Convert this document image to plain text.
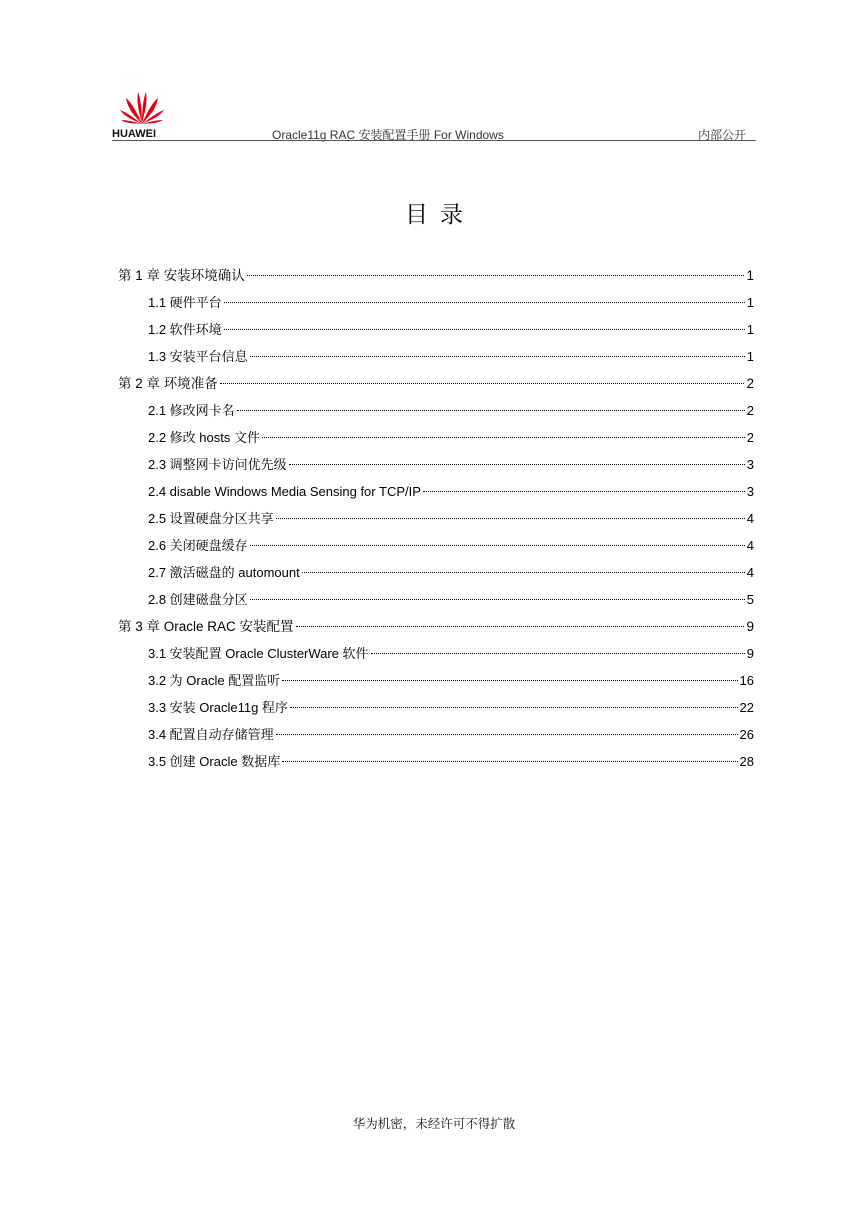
HUAWEI	Oracle11g RAC 安装配置手册 For Windows	内部公开
目录
第 1 章 安装环境确认	1
1.1 硬件平台	1
1.2 软件环境	1
1.3 安装平台信息	1
第 2 章 环境准备	2
2.1 修改网卡名	2
2.2 修改 hosts 文件	2
2.3 调整网卡访问优先级	3
2.4 disable Windows Media Sensing for TCP/IP	3
2.5 设置硬盘分区共享	4
2.6 关闭硬盘缓存	4
2.7 激活磁盘的 automount	4
2.8 创建磁盘分区	5
第 3 章 Oracle RAC 安装配置	9
3.1 安装配置 Oracle ClusterWare 软件	9
3.2 为 Oracle 配置监听	16
3.3 安装 Oracle11g 程序	22
3.4 配置自动存储管理	26
3.5 创建 Oracle 数据库	28
华为机密，未经许可不得扩散
